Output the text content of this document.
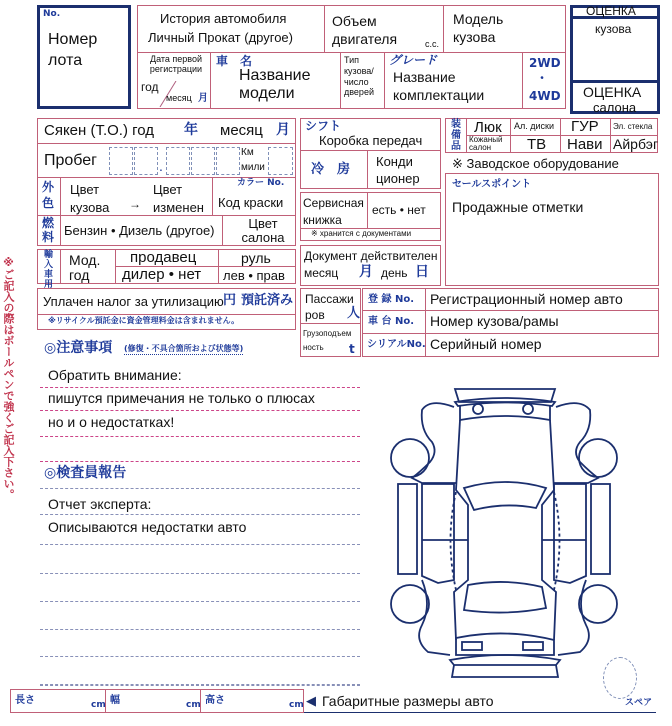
No.
Номер лота
История автомобиля
Личный Прокат (другое)
Объем двигателя	c.c.
Модель кузова
Дата первой регистрации
год
месяц 月
車　名
Название модели
Тип кузова/ число дверей
グレード
Название комплектации
2WD
・
4WD
ОЦЕНКА
кузова
ОЦЕНКА
салона
Сякен (Т.О.) год 年 месяц 月
Пробег	.
Км
мили
外色
Цвет кузова	→
Цвет изменен
カラー No.
Код краски
燃料 Бензин • Дизель (другое)	Цвет салона
輸入車用
Мод. год
продавец
дилер • нет
руль
лев • прав
Уплачен налог за утилизацию 円 預託済み
※リサイクル預託金に資金管理料金は含まれません。
シフト
Коробка передач
冷　房
Конди ционер
Сервисная книжка
есть • нет
※ хранится с документами
Документ действителен
месяц 月 день 日
装備品
Люк Ал. диски ГУР Эл. стекла
Кожаный салон	ТВ Нави Айрбэг
※ Заводское оборудование
セールスポイント
Продажные отметки
Пассажи ров	人
Грузоподъем ность	t
登 録 No. Регистрационный номер авто
車 台 No. Номер кузова/рамы
シリアルNo. Серийный номер
※ご記入の際はボールペンで強くご記入下さい。 ◎注意事項 (修復・不具合箇所および状態等)
Обратить внимание:
пишутся примечания не только о плюсах
но и о недостатках!
◎検査員報告
Отчет эксперта:
Описываются недостатки авто
スペア
長さ	cm 幅	cm 高さ	cm ◀ Габаритные размеры авто
